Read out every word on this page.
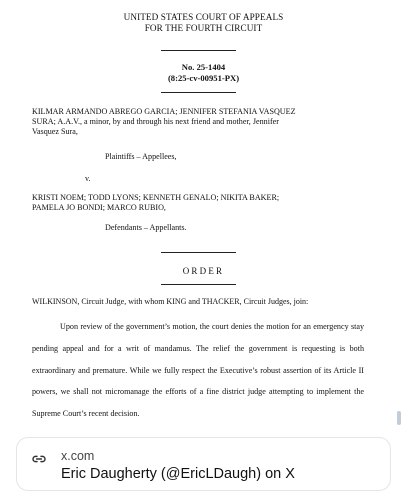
UNITED STATES COURT OF APPEALS
FOR THE FOURTH CIRCUIT
No. 25-1404
(8:25-cv-00951-PX)
KILMAR ARMANDO ABREGO GARCIA; JENNIFER STEFANIA VASQUEZ
SURA; A.A.V., a minor, by and through his next friend and mother, Jennifer
Vasquez Sura,
Plaintiffs – Appellees,
v.
KRISTI NOEM; TODD LYONS; KENNETH GENALO; NIKITA BAKER;
PAMELA JO BONDI; MARCO RUBIO,
Defendants – Appellants.
ORDER
WILKINSON, Circuit Judge, with whom KING and THACKER, Circuit Judges, join:

Upon review of the government’s motion, the court denies the motion for an emergency stay pending appeal and for a writ of mandamus. The relief the government is requesting is both extraordinary and premature. While we fully respect the Executive’s robust assertion of its Article II powers, we shall not micromanage the efforts of a fine district judge attempting to implement the Supreme Court’s recent decision.

x.com
Eric Daugherty (@EricLDaugh) on X
